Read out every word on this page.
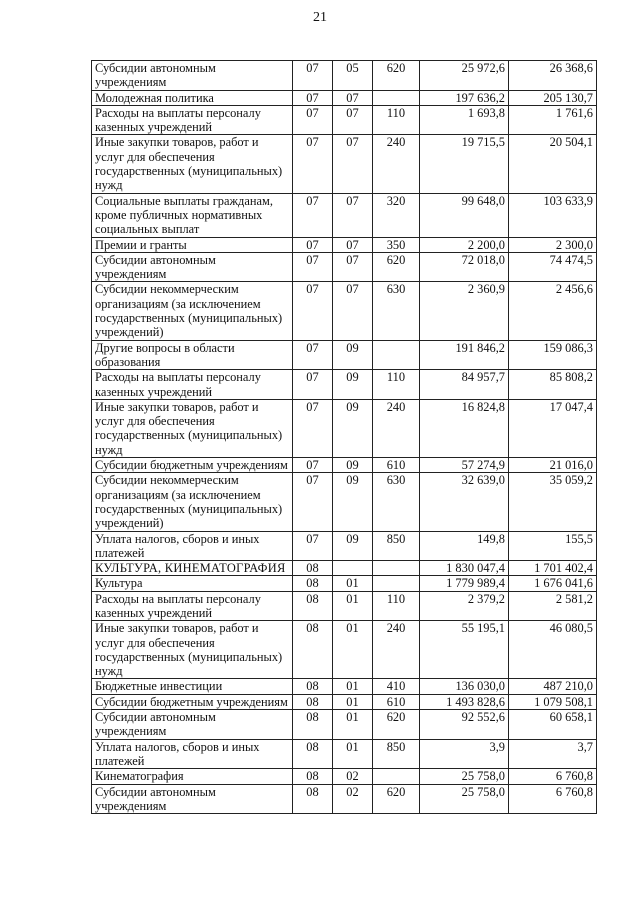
21
Субсидии автономным учреждениям	07	05	620	25 972,6	26 368,6
Молодежная политика	07	07		197 636,2	205 130,7
Расходы на выплаты персоналу казенных учреждений	07	07	110	1 693,8	1 761,6
Иные закупки товаров, работ и услуг для обеспечения государственных (муниципальных) нужд	07	07	240	19 715,5	20 504,1
Социальные выплаты гражданам, кроме публичных нормативных социальных выплат	07	07	320	99 648,0	103 633,9
Премии и гранты	07	07	350	2 200,0	2 300,0
Субсидии автономным учреждениям	07	07	620	72 018,0	74 474,5
Субсидии некоммерческим организациям (за исключением государственных (муниципальных) учреждений)	07	07	630	2 360,9	2 456,6
Другие вопросы в области образования	07	09		191 846,2	159 086,3
Расходы на выплаты персоналу казенных учреждений	07	09	110	84 957,7	85 808,2
Иные закупки товаров, работ и услуг для обеспечения государственных (муниципальных) нужд	07	09	240	16 824,8	17 047,4
Субсидии бюджетным учреждениям	07	09	610	57 274,9	21 016,0
Субсидии некоммерческим организациям (за исключением государственных (муниципальных) учреждений)	07	09	630	32 639,0	35 059,2
Уплата налогов, сборов и иных платежей	07	09	850	149,8	155,5
КУЛЬТУРА, КИНЕМАТОГРАФИЯ	08			1 830 047,4	1 701 402,4
Культура	08	01		1 779 989,4	1 676 041,6
Расходы на выплаты персоналу казенных учреждений	08	01	110	2 379,2	2 581,2
Иные закупки товаров, работ и услуг для обеспечения государственных (муниципальных) нужд	08	01	240	55 195,1	46 080,5
Бюджетные инвестиции	08	01	410	136 030,0	487 210,0
Субсидии бюджетным учреждениям	08	01	610	1 493 828,6	1 079 508,1
Субсидии автономным учреждениям	08	01	620	92 552,6	60 658,1
Уплата налогов, сборов и иных платежей	08	01	850	3,9	3,7
Кинематография	08	02		25 758,0	6 760,8
Субсидии автономным учреждениям	08	02	620	25 758,0	6 760,8
